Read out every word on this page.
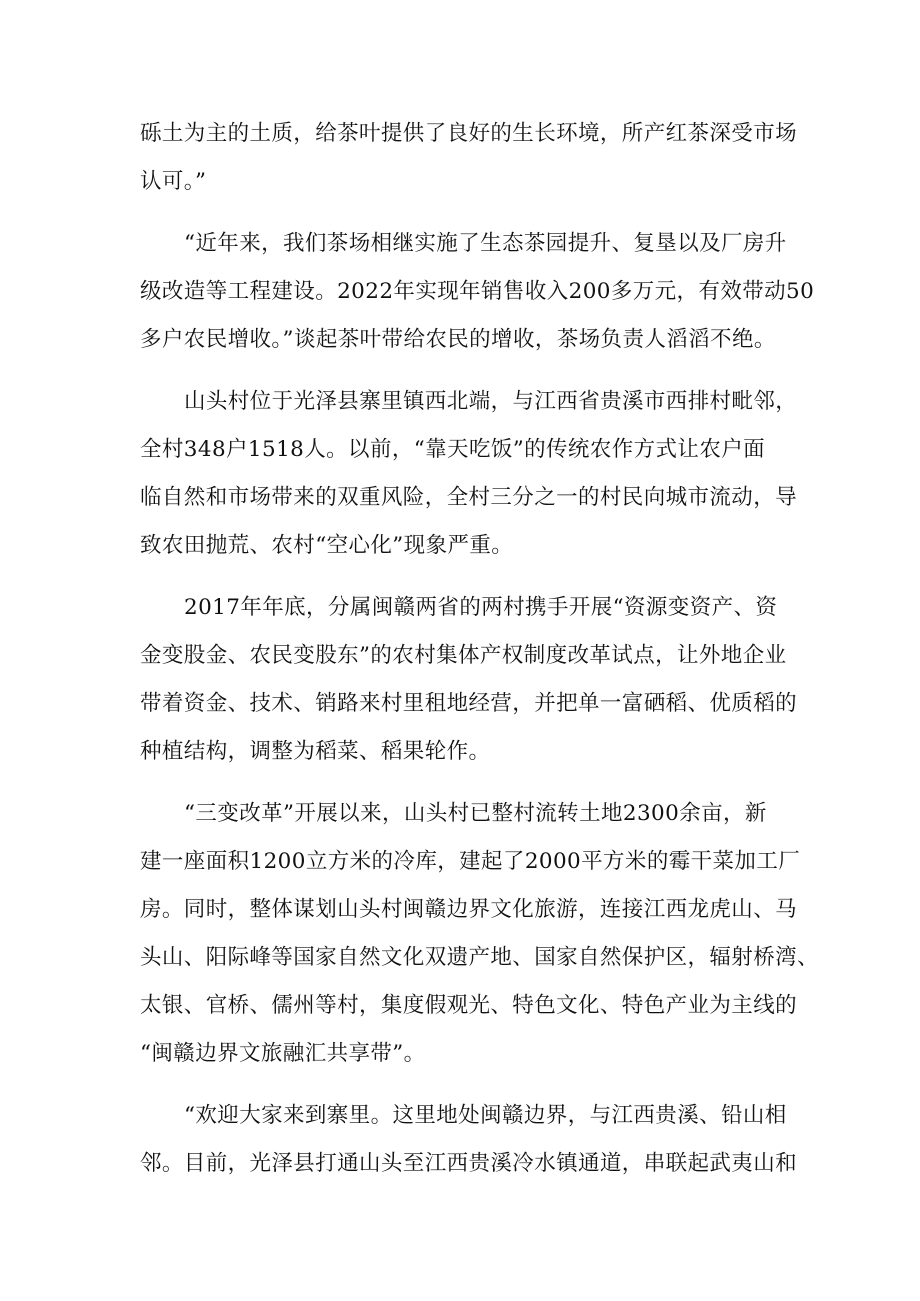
砾土为主的土质，给茶叶提供了良好的生长环境，所产红茶深受市场
认可。”
“近年来，我们茶场相继实施了生态茶园提升、复垦以及厂房升
级改造等工程建设。2022年实现年销售收入200多万元，有效带动50
多户农民增收。”谈起茶叶带给农民的增收，茶场负责人滔滔不绝。
山头村位于光泽县寨里镇西北端，与江西省贵溪市西排村毗邻，
全村348户1518人。以前，“靠天吃饭”的传统农作方式让农户面
临自然和市场带来的双重风险，全村三分之一的村民向城市流动，导
致农田抛荒、农村“空心化”现象严重。
2017年年底，分属闽赣两省的两村携手开展“资源变资产、资
金变股金、农民变股东”的农村集体产权制度改革试点，让外地企业
带着资金、技术、销路来村里租地经营，并把单一富硒稻、优质稻的
种植结构，调整为稻菜、稻果轮作。
“三变改革”开展以来，山头村已整村流转土地2300余亩，新
建一座面积1200立方米的冷库，建起了2000平方米的霉干菜加工厂
房。同时，整体谋划山头村闽赣边界文化旅游，连接江西龙虎山、马
头山、阳际峰等国家自然文化双遗产地、国家自然保护区，辐射桥湾、
太银、官桥、儒州等村，集度假观光、特色文化、特色产业为主线的
“闽赣边界文旅融汇共享带”。
“欢迎大家来到寨里。这里地处闽赣边界，与江西贵溪、铅山相
邻。目前，光泽县打通山头至江西贵溪冷水镇通道，串联起武夷山和
